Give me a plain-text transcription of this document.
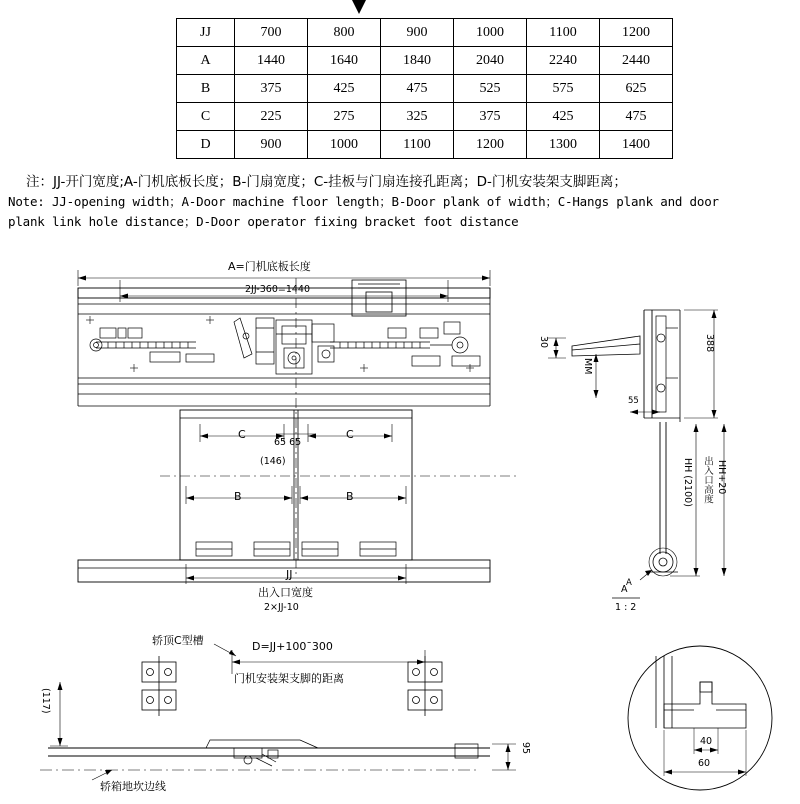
JJ	700	800	900	1000	1100	1200
A	1440	1640	1840	2040	2240	2440
B	375	425	475	525	575	625
C	225	275	325	375	425	475
D	900	1000	1100	1200	1300	1400
注：JJ-开门宽度;A-门机底板长度；B-门扇宽度；C-挂板与门扇连接孔距离；D-门机安装架支脚距离；
Note: JJ-opening width；A-Door machine floor length；B-Door plank of width；C-Hangs plank and door
plank link hole distance；D-Door operator fixing bracket foot distance
A=门机底板长度
2JJ-360=1440
C	C
65 65
(146)
B	B
JJ
出入口宽度
2×JJ-10
30
MM
388
55
HH (2100) 出入口高度 HH+20
A
A
1 : 2
轿顶C型槽	D=JJ+100¯300
门机安装架支脚的距离
(117)
95
轿箱地坎边线
40
60
